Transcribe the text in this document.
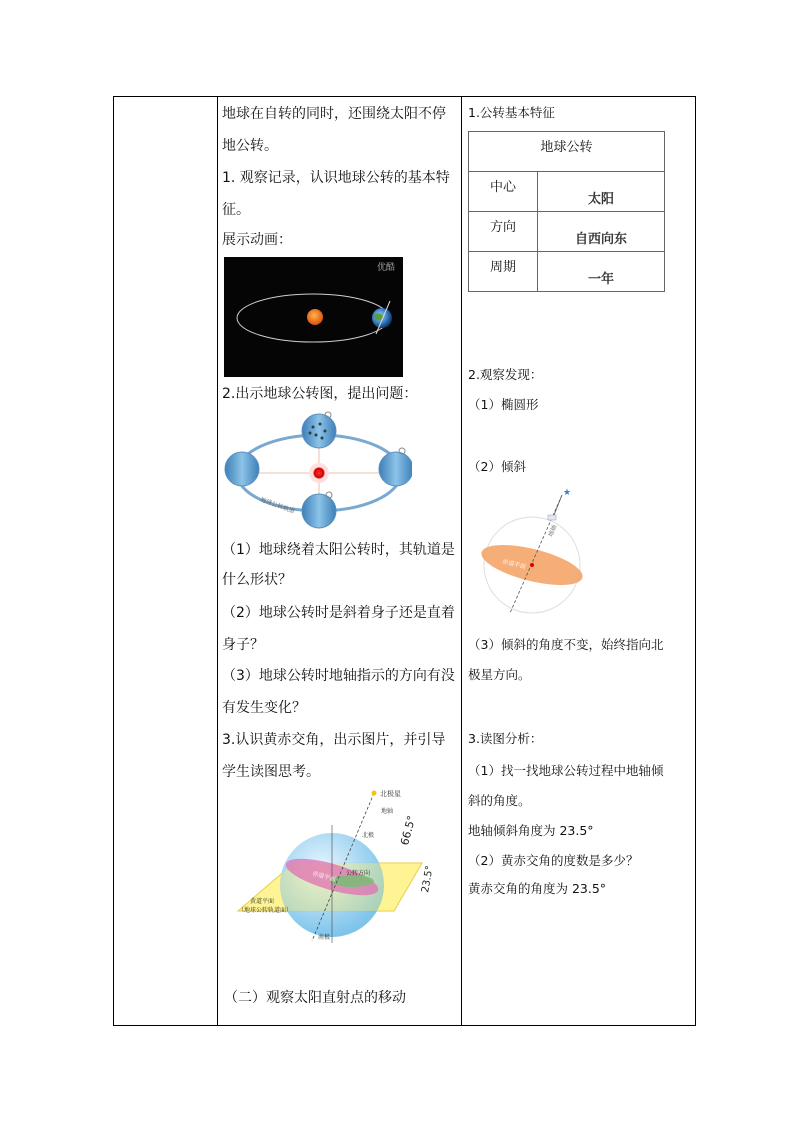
地球在自转的同时，还围绕太阳不停
地公转。
1. 观察记录，认识地球公转的基本特
征。
展示动画：
优酷
2.出示地球公转图，提出问题：
地球公转轨道
（1）地球绕着太阳公转时，其轨道是
什么形状？
（2）地球公转时是斜着身子还是直着
身子？
（3）地球公转时地轴指示的方向有没
有发生变化？
3.认识黄赤交角，出示图片，并引导
学生读图思考。
北极星
地轴
北极 66.5°
23.5°
赤道平面 公转方向
黄道平面
（地球公转轨道面）
南极
（二）观察太阳直射点的移动
1.公转基本特征
地球公转	
中心	太阳
方向	自西向东
周期	一年
2.观察发现：
（1）椭圆形
（2）倾斜
★
地轴
赤道平面
（3）倾斜的角度不变，始终指向北
极星方向。
3.读图分析：
（1）找一找地球公转过程中地轴倾
斜的角度。
地轴倾斜角度为 23.5°
（2）黄赤交角的度数是多少？
黄赤交角的角度为 23.5°
